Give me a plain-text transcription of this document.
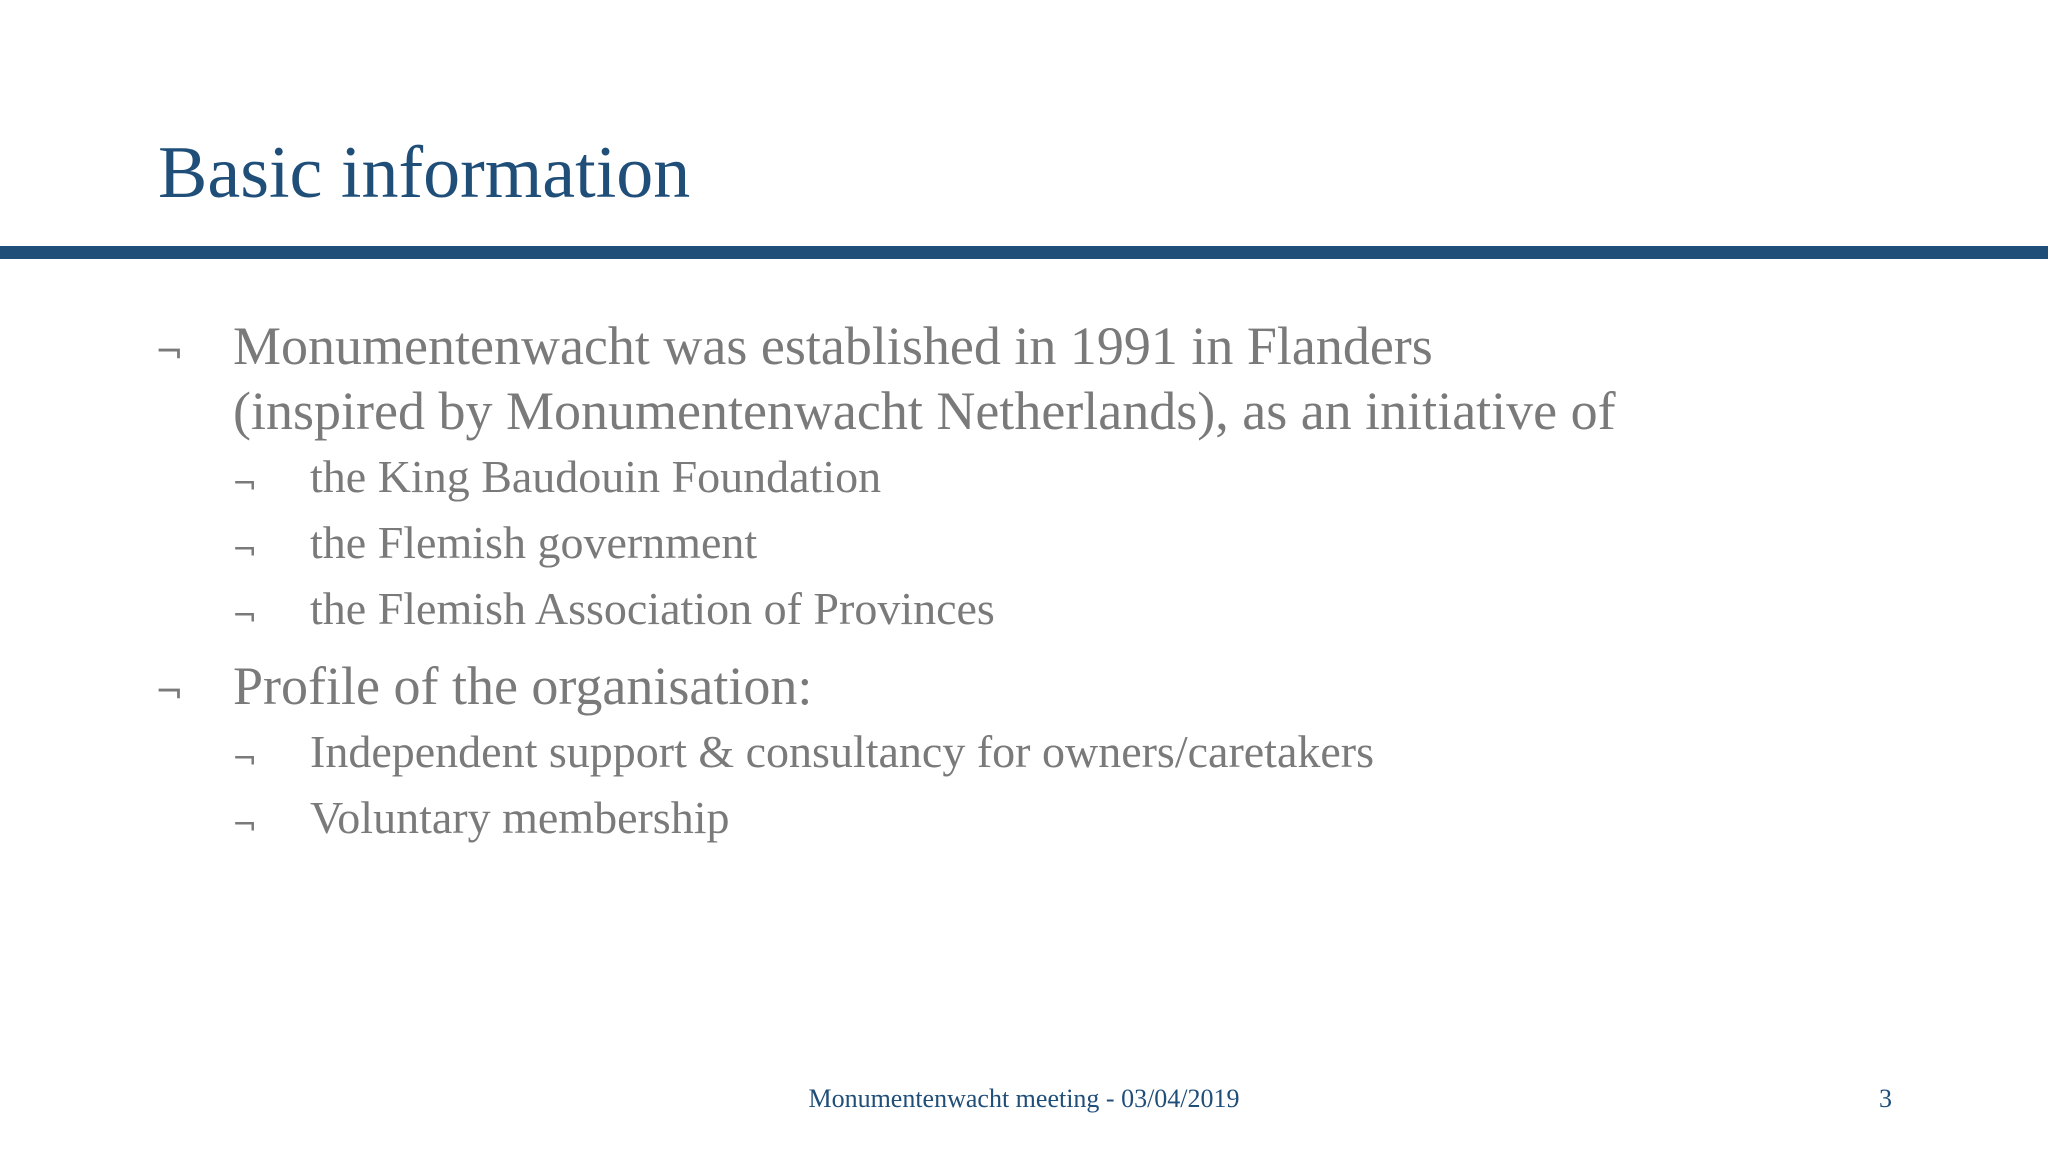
Basic information

¬ Monumentenwacht was established in 1991 in Flanders

(inspired by Monumentenwacht Netherlands), as an initiative of

¬ the King Baudouin Foundation

¬ the Flemish government

¬ the Flemish Association of Provinces

¬ Profile of the organisation:

¬ Independent support & consultancy for owners/caretakers

¬ Voluntary membership

Monumentenwacht meeting - 03/04/2019	3
